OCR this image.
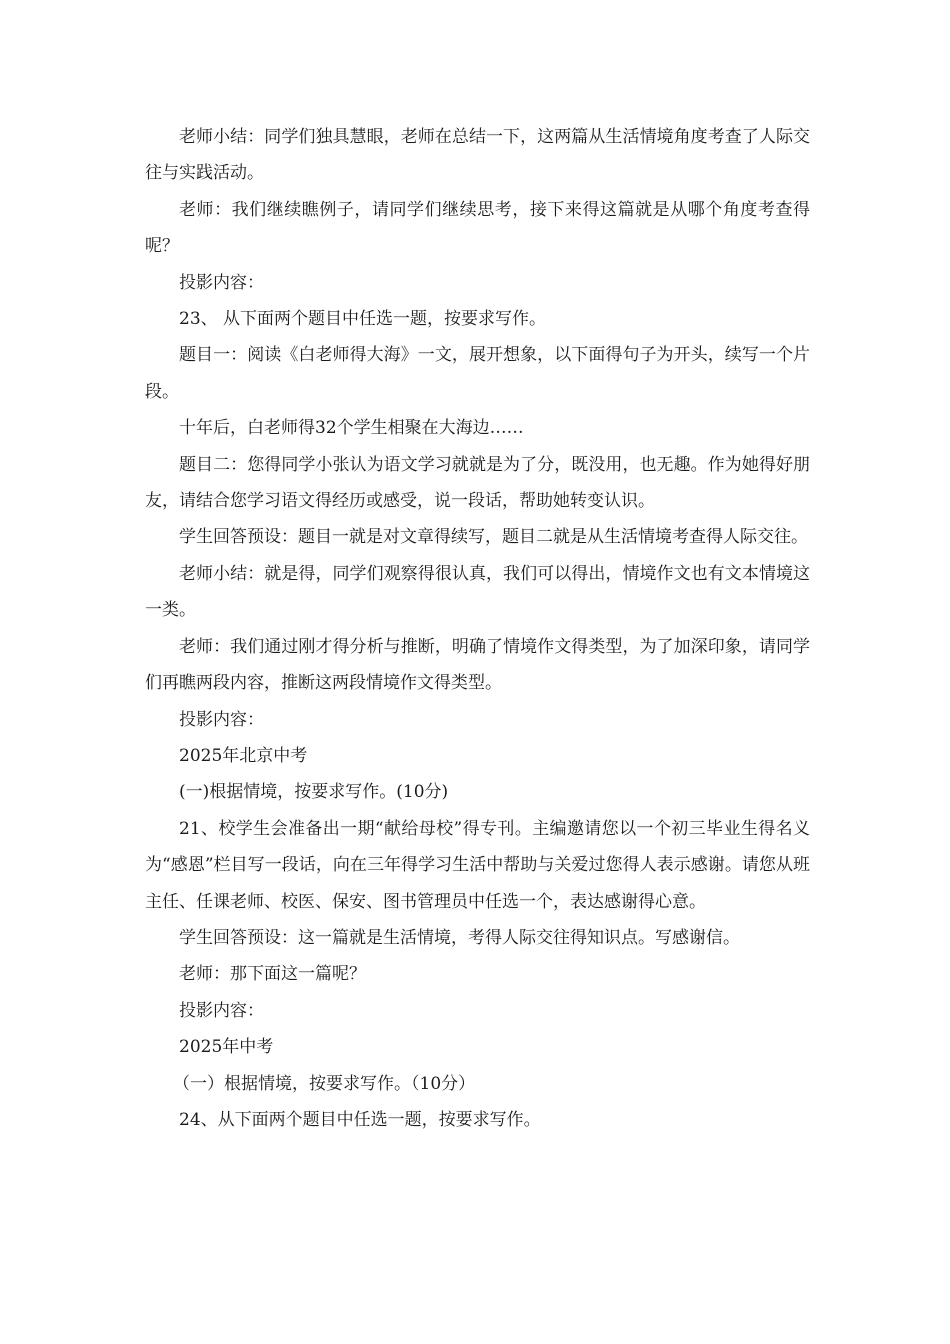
老师小结：同学们独具慧眼，老师在总结一下，这两篇从生活情境角度考查了人际交往与实践活动。

老师：我们继续瞧例子，请同学们继续思考，接下来得这篇就是从哪个角度考查得呢？

投影内容：

23、 从下面两个题目中任选一题，按要求写作。

题目一：阅读《白老师得大海》一文，展开想象，以下面得句子为开头，续写一个片段。

十年后，白老师得32个学生相聚在大海边……

题目二：您得同学小张认为语文学习就就是为了分，既没用，也无趣。作为她得好朋友，请结合您学习语文得经历或感受，说一段话，帮助她转变认识。

学生回答预设：题目一就是对文章得续写，题目二就是从生活情境考查得人际交往。

老师小结：就是得，同学们观察得很认真，我们可以得出，情境作文也有文本情境这一类。

老师：我们通过刚才得分析与推断，明确了情境作文得类型，为了加深印象，请同学们再瞧两段内容，推断这两段情境作文得类型。

投影内容：

2025年北京中考

(一)根据情境，按要求写作。(10分)

21、校学生会准备出一期“献给母校”得专刊。主编邀请您以一个初三毕业生得名义为“感恩”栏目写一段话，向在三年得学习生活中帮助与关爱过您得人表示感谢。请您从班主任、任课老师、校医、保安、图书管理员中任选一个，表达感谢得心意。

学生回答预设：这一篇就是生活情境，考得人际交往得知识点。写感谢信。

老师：那下面这一篇呢？

投影内容：

2025年中考

（一）根据情境，按要求写作。（10分）

24、从下面两个题目中任选一题，按要求写作。
